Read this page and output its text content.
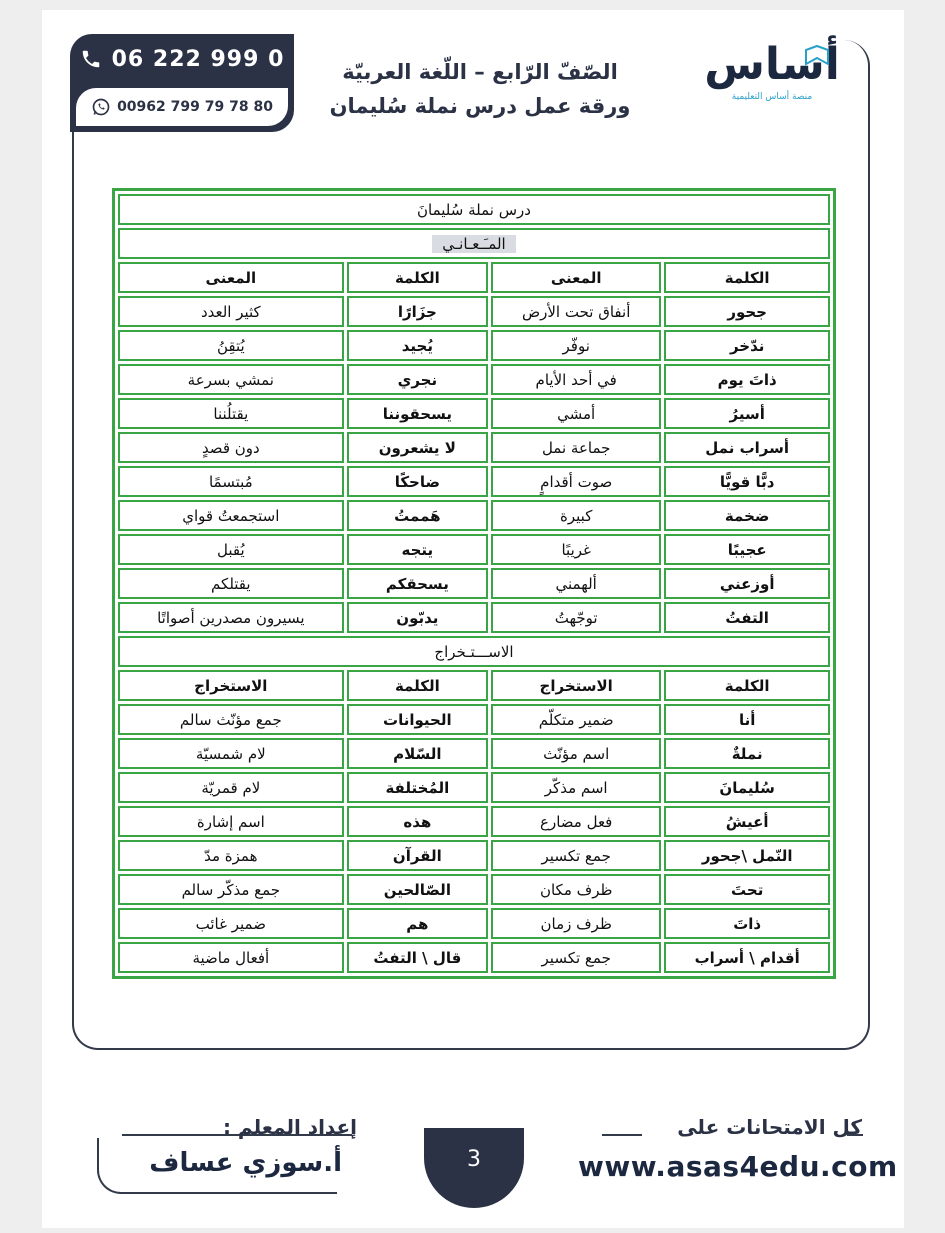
06 222 999 0
00962 799 79 78 80
الصّفّ الرّابع – اللّغة العربيّة
ورقة عمل درس نملة سُليمان
أساس
منصة أساس التعليمية
درس نملة سُليمانَ			
المـَـعـانـي			
الكلمة	المعنى	الكلمة	المعنى
جحور	أنفاق تحت الأرض	جزَارًا	كثير العدد
ندّخر	نوفّر	يُجيد	يُتقِنُ
ذاتَ يوم	في أحد الأيام	نجري	نمشي بسرعة
أسيرُ	أمشي	يسحقوننا	يقتلُننا
أسراب نمل	جماعة نمل	لا يشعرون	دون قصدٍ
دبًّا قويًّا	صوت أقدامٍ	ضاحكًا	مُبتسمًا
ضخمة	كبيرة	هَممتُ	استجمعتُ قواي
عجيبًا	غريبًا	يتجه	يُقبل
أوزعني	ألهمني	يسحقكم	يقتلكم
التفتُ	توجّهتُ	يدبّون	يسيرون مصدرين أصواتًا
الاســـتـخراج			
الكلمة	الاستخراج	الكلمة	الاستخراج
أنا	ضمير متكلّم	الحيوانات	جمع مؤنّث سالم
نملةٌ	اسم مؤنّث	السّلام	لام شمسيّة
سُليمانَ	اسم مذكّر	المُختلفة	لام قمريّة
أعيشُ	فعل مضارع	هذه	اسم إشارة
النّمل \جحور	جمع تكسير	القرآن	همزة مدّ
تحتَ	ظرف مكان	الصّالحين	جمع مذكّر سالم
ذاتَ	ظرف زمان	هم	ضمير غائب
أقدام \ أسراب	جمع تكسير	قال \ التفتُ	أفعال ماضية
إعداد المعلم :
أ.سوزي عساف	3
كل الامتحانات على
www.asas4edu.com
